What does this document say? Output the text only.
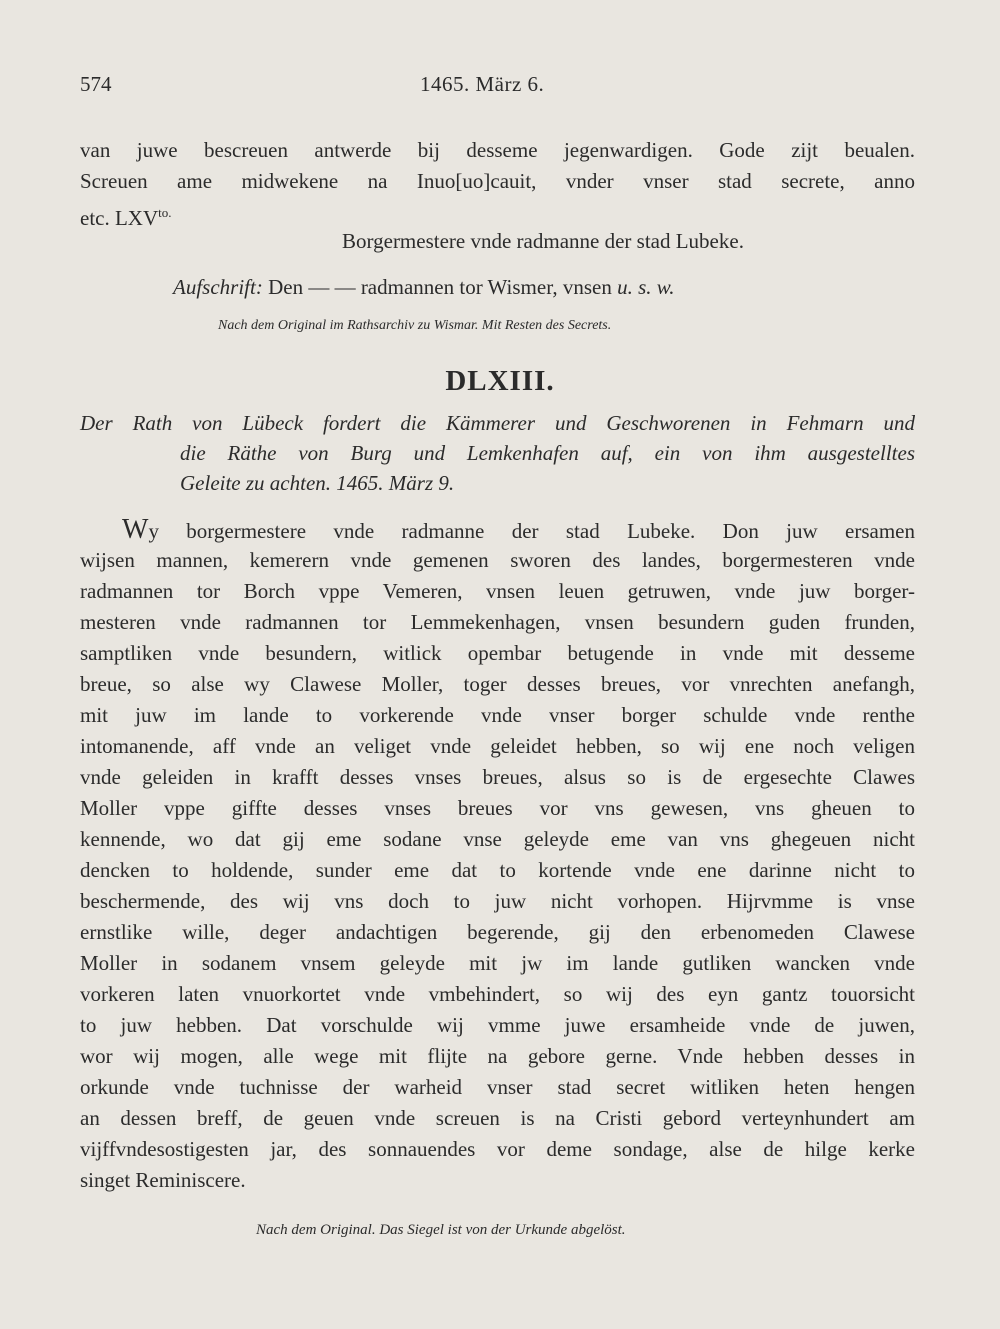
574	1465. März 6.
van juwe bescreuen antwerde bij desseme jegenwardigen. Gode zijt beualen.
Screuen ame midwekene na Inuo[uo]cauit, vnder vnser stad secrete, anno
etc. $LXV^{to.}$
Borgermestere vnde radmanne der stad Lubeke.
Aufschrift: Den — — radmannen tor Wismer, vnsen u. s. w.
Nach dem Original im Rathsarchiv zu Wismar. Mit Resten des Secrets.
DLXIII.
Der Rath von Lübeck fordert die Kämmerer und Geschworenen in Fehmarn und
die Räthe von Burg und Lemkenhafen auf, ein von ihm ausgestelltes
Geleite zu achten. 1465. März 9.
Wy borgermestere vnde radmanne der stad Lubeke. Don juw ersamen
wijsen mannen, kemerern vnde gemenen sworen des landes, borgermesteren vnde
radmannen tor Borch vppe Vemeren, vnsen leuen getruwen, vnde juw borger-
mesteren vnde radmannen tor Lemmekenhagen, vnsen besundern guden frunden,
samptliken vnde besundern, witlick opembar betugende in vnde mit desseme
breue, so alse wy Clawese Moller, toger desses breues, vor vnrechten anefangh,
mit juw im lande to vorkerende vnde vnser borger schulde vnde renthe
intomanende, aff vnde an veliget vnde geleidet hebben, so wij ene noch veligen
vnde geleiden in krafft desses vnses breues, alsus so is de ergesechte Clawes
Moller vppe giffte desses vnses breues vor vns gewesen, vns gheuen to
kennende, wo dat gij eme sodane vnse geleyde eme van vns ghegeuen nicht
dencken to holdende, sunder eme dat to kortende vnde ene darinne nicht to
beschermende, des wij vns doch to juw nicht vorhopen. Hijrvmme is vnse
ernstlike wille, deger andachtigen begerende, gij den erbenomeden Clawese
Moller in sodanem vnsem geleyde mit jw im lande gutliken wancken vnde
vorkeren laten vnuorkortet vnde vmbehindert, so wij des eyn gantz touorsicht
to juw hebben. Dat vorschulde wij vmme juwe ersamheide vnde de juwen,
wor wij mogen, alle wege mit flijte na gebore gerne. Vnde hebben desses in
orkunde vnde tuchnisse der warheid vnser stad secret witliken heten hengen
an dessen breff, de geuen vnde screuen is na Cristi gebord verteynhundert am
vijffvndesostigesten jar, des sonnauendes vor deme sondage, alse de hilge kerke
singet Reminiscere.
Nach dem Original. Das Siegel ist von der Urkunde abgelöst.
